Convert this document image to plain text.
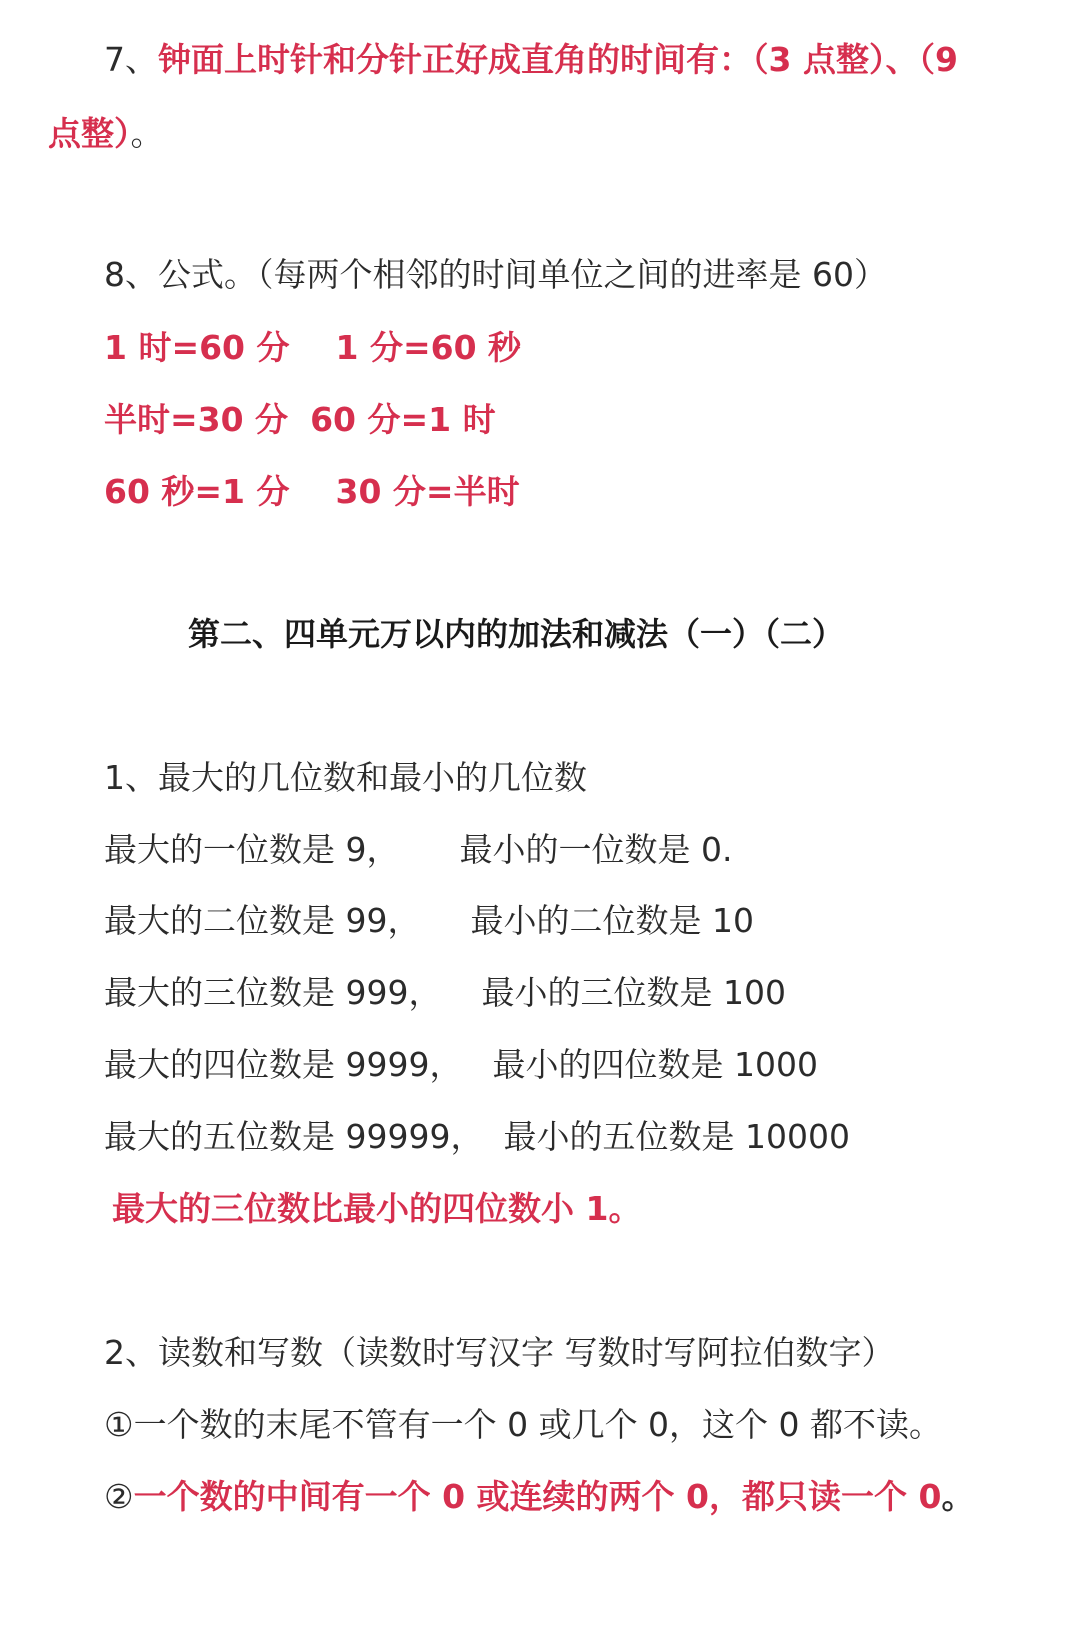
7、钟面上时针和分针正好成直角的时间有：（3 点整）、（9
点整）。
8、公式。（每两个相邻的时间单位之间的进率是 60）
1 时=60 分 1 分=60 秒
半时=30 分 60 分=1 时
60 秒=1 分 30 分=半时
第二、四单元万以内的加法和减法（一）（二）
1、最大的几位数和最小的几位数
最大的一位数是 9， 最小的一位数是 0.
最大的二位数是 99， 最小的二位数是 10
最大的三位数是 999， 最小的三位数是 100
最大的四位数是 9999， 最小的四位数是 1000
最大的五位数是 99999， 最小的五位数是 10000
最大的三位数比最小的四位数小 1。
2、读数和写数（读数时写汉字 写数时写阿拉伯数字）
①一个数的末尾不管有一个 0 或几个 0，这个 0 都不读。
②一个数的中间有一个 0 或连续的两个 0，都只读一个 0。
